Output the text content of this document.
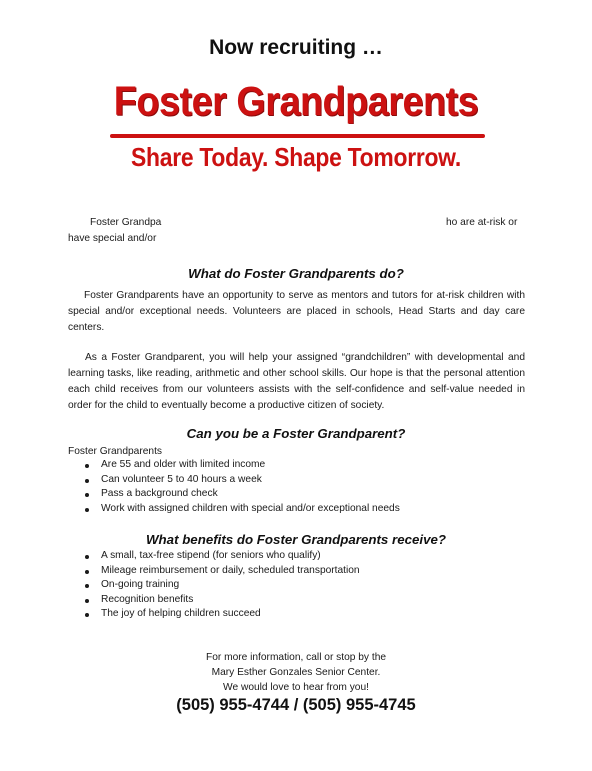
Now recruiting …
Foster Grandparents
Share Today. Shape Tomorrow.
Foster Grandpa	ho are at-risk or
have special and/or
What do Foster Grandparents do?
Foster Grandparents have an opportunity to serve as mentors and tutors for at-risk children with special and/or exceptional needs. Volunteers are placed in schools, Head Starts and day care centers.
As a Foster Grandparent, you will help your assigned “grandchildren” with developmental and learning tasks, like reading, arithmetic and other school skills. Our hope is that the personal attention each child receives from our volunteers assists with the self-confidence and self-value needed in order for the child to eventually become a productive citizen of society.
Can you be a Foster Grandparent?
Foster Grandparents
Are 55 and older with limited income
Can volunteer 5 to 40 hours a week
Pass a background check
Work with assigned children with special and/or exceptional needs
What benefits do Foster Grandparents receive?
A small, tax-free stipend (for seniors who qualify)
Mileage reimbursement or daily, scheduled transportation
On-going training
Recognition benefits
The joy of helping children succeed
For more information, call or stop by the
Mary Esther Gonzales Senior Center.
We would love to hear from you!
(505) 955-4744 / (505) 955-4745
